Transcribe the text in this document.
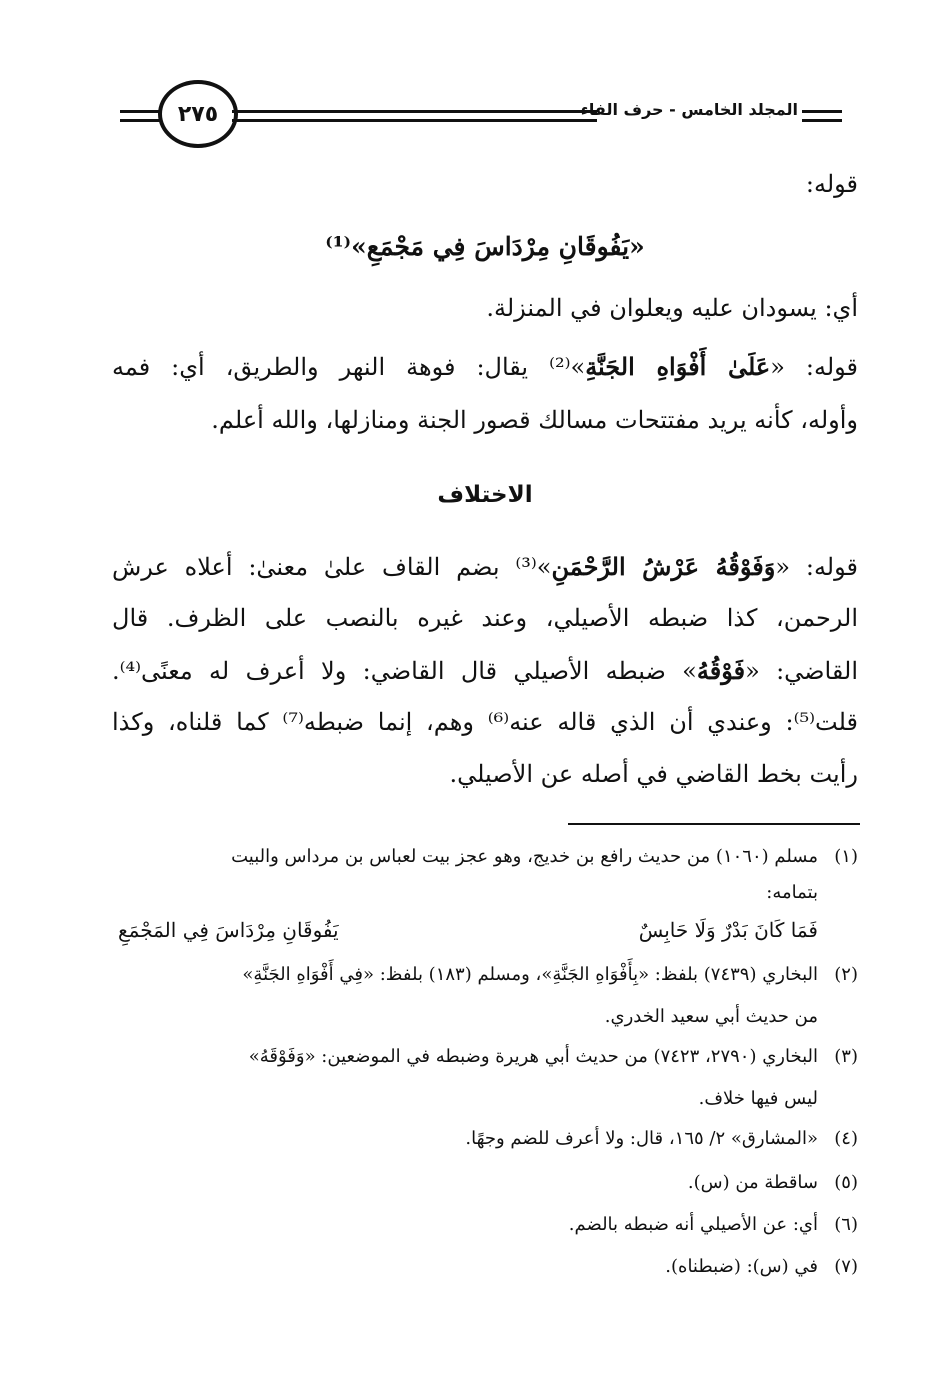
٢٧٥	المجلد الخامس - حرف الفاء
قوله:
«يَفُوقَانِ مِرْدَاسَ فِي مَجْمَعِ»⁽¹⁾
أي: يسودان عليه ويعلوان في المنزلة.
قوله: «عَلَىٰ أَفْوَاهِ الجَنَّةِ»⁽²⁾ يقال: فوهة النهر والطريق، أي: فمه
وأوله، كأنه يريد مفتتحات مسالك قصور الجنة ومنازلها، والله أعلم.
الاختلاف
قوله: «وَفَوْقُهُ عَرْشُ الرَّحْمَنِ»⁽³⁾ بضم القاف علىٰ معنىٰ: أعلاه عرش
الرحمن، كذا ضبطه الأصيلي، وعند غيره بالنصب على الظرف. قال
القاضي: «فَوْقُهُ» ضبطه الأصيلي قال القاضي: ولا أعرف له معنًى⁽⁴⁾.
قلت⁽⁵⁾: وعندي أن الذي قاله عنه⁽⁶⁾ وهم، إنما ضبطه⁽⁷⁾ كما قلناه، وكذا
رأيت بخط القاضي في أصله عن الأصيلي.
(١)مسلم (١٠٦٠) من حديث رافع بن خديج، وهو عجز بيت لعباس بن مرداس والبيت
بتمامه:
فَمَا كَانَ بَدْرٌ وَلَا حَابِسٌ
يَفُوقَانِ مِرْدَاسَ فِي المَجْمَعِ
(٢)البخاري (٧٤٣٩) بلفظ: «بِأَفْوَاهِ الجَنَّةِ»، ومسلم (١٨٣) بلفظ: «فِي أَفْوَاهِ الجَنَّةِ»
من حديث أبي سعيد الخدري.
(٣)البخاري (٢٧٩٠، ٧٤٢٣) من حديث أبي هريرة وضبطه في الموضعين: «وَفَوْقَهُ»
ليس فيها خلاف.
(٤)«المشارق» ٢/ ١٦٥، قال: ولا أعرف للضم وجهًا.
(٥)ساقطة من (س).
(٦)أي: عن الأصيلي أنه ضبطه بالضم.
(٧)في (س): (ضبطناه).
